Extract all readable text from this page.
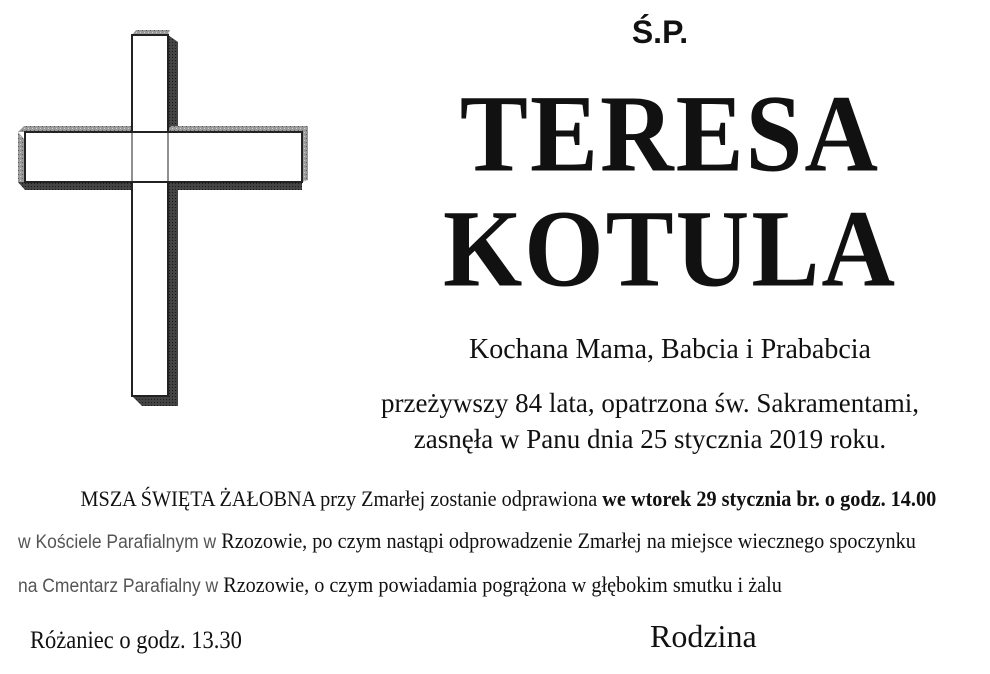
Ś.P.
TERESA
KOTULA
Kochana Mama, Babcia i Prababcia
przeżywszy 84 lata, opatrzona św. Sakramentami,
zasnęła w Panu dnia 25 stycznia 2019 roku.
MSZA ŚWIĘTA ŻAŁOBNA przy Zmarłej zostanie odprawiona we wtorek 29 stycznia br. o godz. 14.00
w Kościele Parafialnym w Rzozowie, po czym nastąpi odprowadzenie Zmarłej na miejsce wiecznego spoczynku
na Cmentarz Parafialny w Rzozowie, o czym powiadamia pogrążona w głębokim smutku i żalu
Różaniec o godz. 13.30	Rodzina
